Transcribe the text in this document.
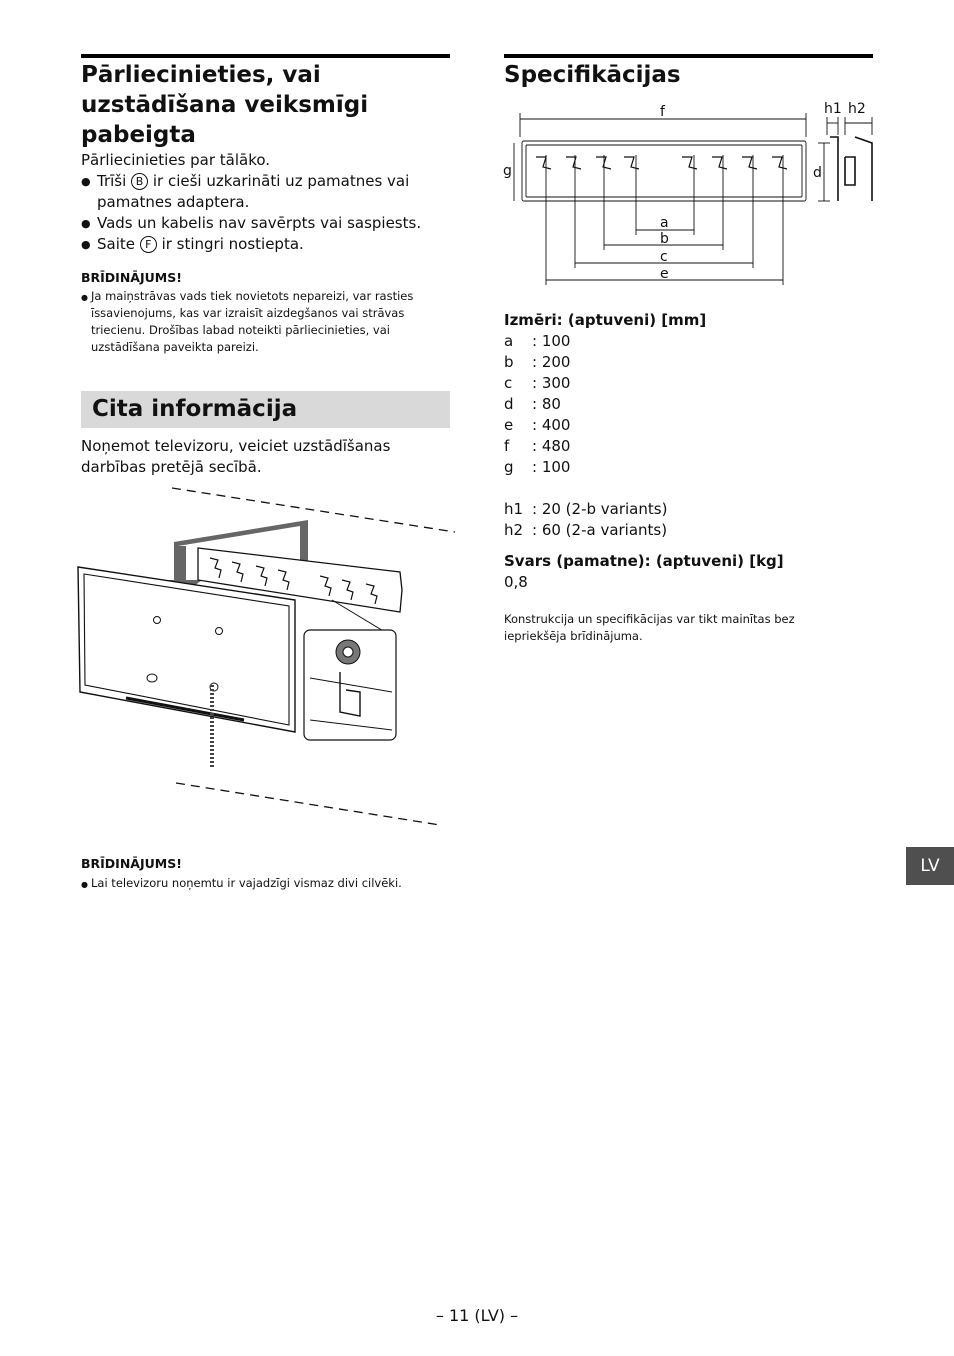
Pārliecinieties, vai uzstādīšana veiksmīgi pabeigta
Pārliecinieties par tālāko.
● Trīši B ir cieši uzkarināti uz pamatnes vai pamatnes adaptera.
● Vads un kabelis nav savērpts vai saspiests.
● Saite F ir stingri nostiepta.
BRĪDINĀJUMS!
● Ja maiņstrāvas vads tiek novietots nepareizi, var rasties īssavienojums, kas var izraisīt aizdegšanos vai strāvas triecienu. Drošības labad noteikti pārliecinieties, vai uzstādīšana paveikta pareizi.
Cita informācija
Noņemot televizoru, veiciet uzstādīšanas darbības pretējā secībā.
BRĪDINĀJUMS!
● Lai televizoru noņemtu ir vajadzīgi vismaz divi cilvēki.
Specifikācijas
f
g	d
h1 h2
a
b
c
e
Izmēri: (aptuveni) [mm]
a : 100
b : 200
c : 300
d : 80
e : 400
f : 480
g : 100
h1 : 20 (2-b variants)
h2 : 60 (2-a variants)
Svars (pamatne): (aptuveni) [kg]
0,8
Konstrukcija un specifikācijas var tikt mainītas bez iepriekšēja brīdinājuma.
LV
– 11 (LV) –
